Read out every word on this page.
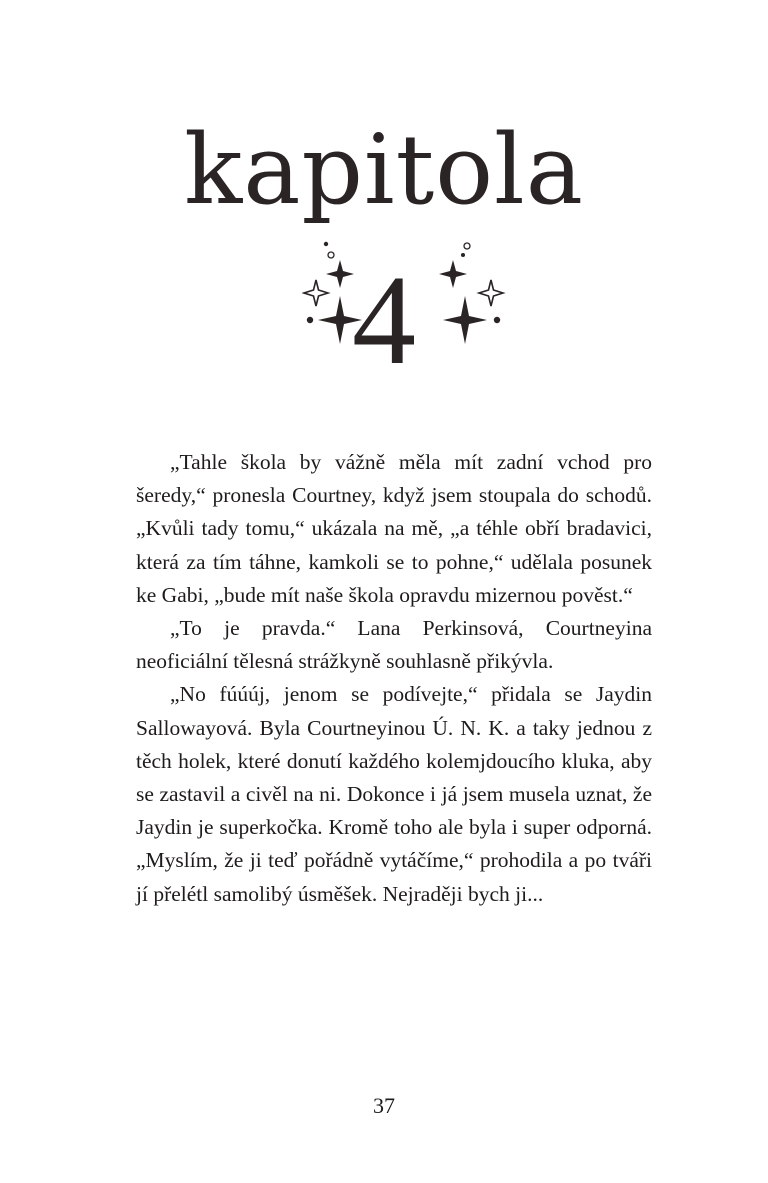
kapitola
4

„Tahle škola by vážně měla mít zadní vchod pro šeredy,“ pronesla Courtney, když jsem stoupala do schodů. „Kvůli tady tomu,“ ukázala na mě, „a téhle obří bradavici, která za tím táhne, kamkoli se to pohne,“ udělala posunek ke Gabi, „bude mít naše škola opravdu mizernou pověst.“

„To je pravda.“ Lana Perkinsová, Courtneyina neoficiální tělesná strážkyně souhlasně přikývla.

„No fúúúj, jenom se podívejte,“ přidala se Jaydin Sallowayová. Byla Courtneyinou Ú. N. K. a taky jednou z těch holek, které donutí každého kolemjdoucího kluka, aby se zastavil a civěl na ni. Dokonce i já jsem musela uznat, že Jaydin je superkočka. Kromě toho ale byla i super odporná. „Myslím, že ji teď pořádně vytáčíme,“ prohodila a po tváři jí přelétl samolibý úsměšek. Nejraději bych ji...

37
